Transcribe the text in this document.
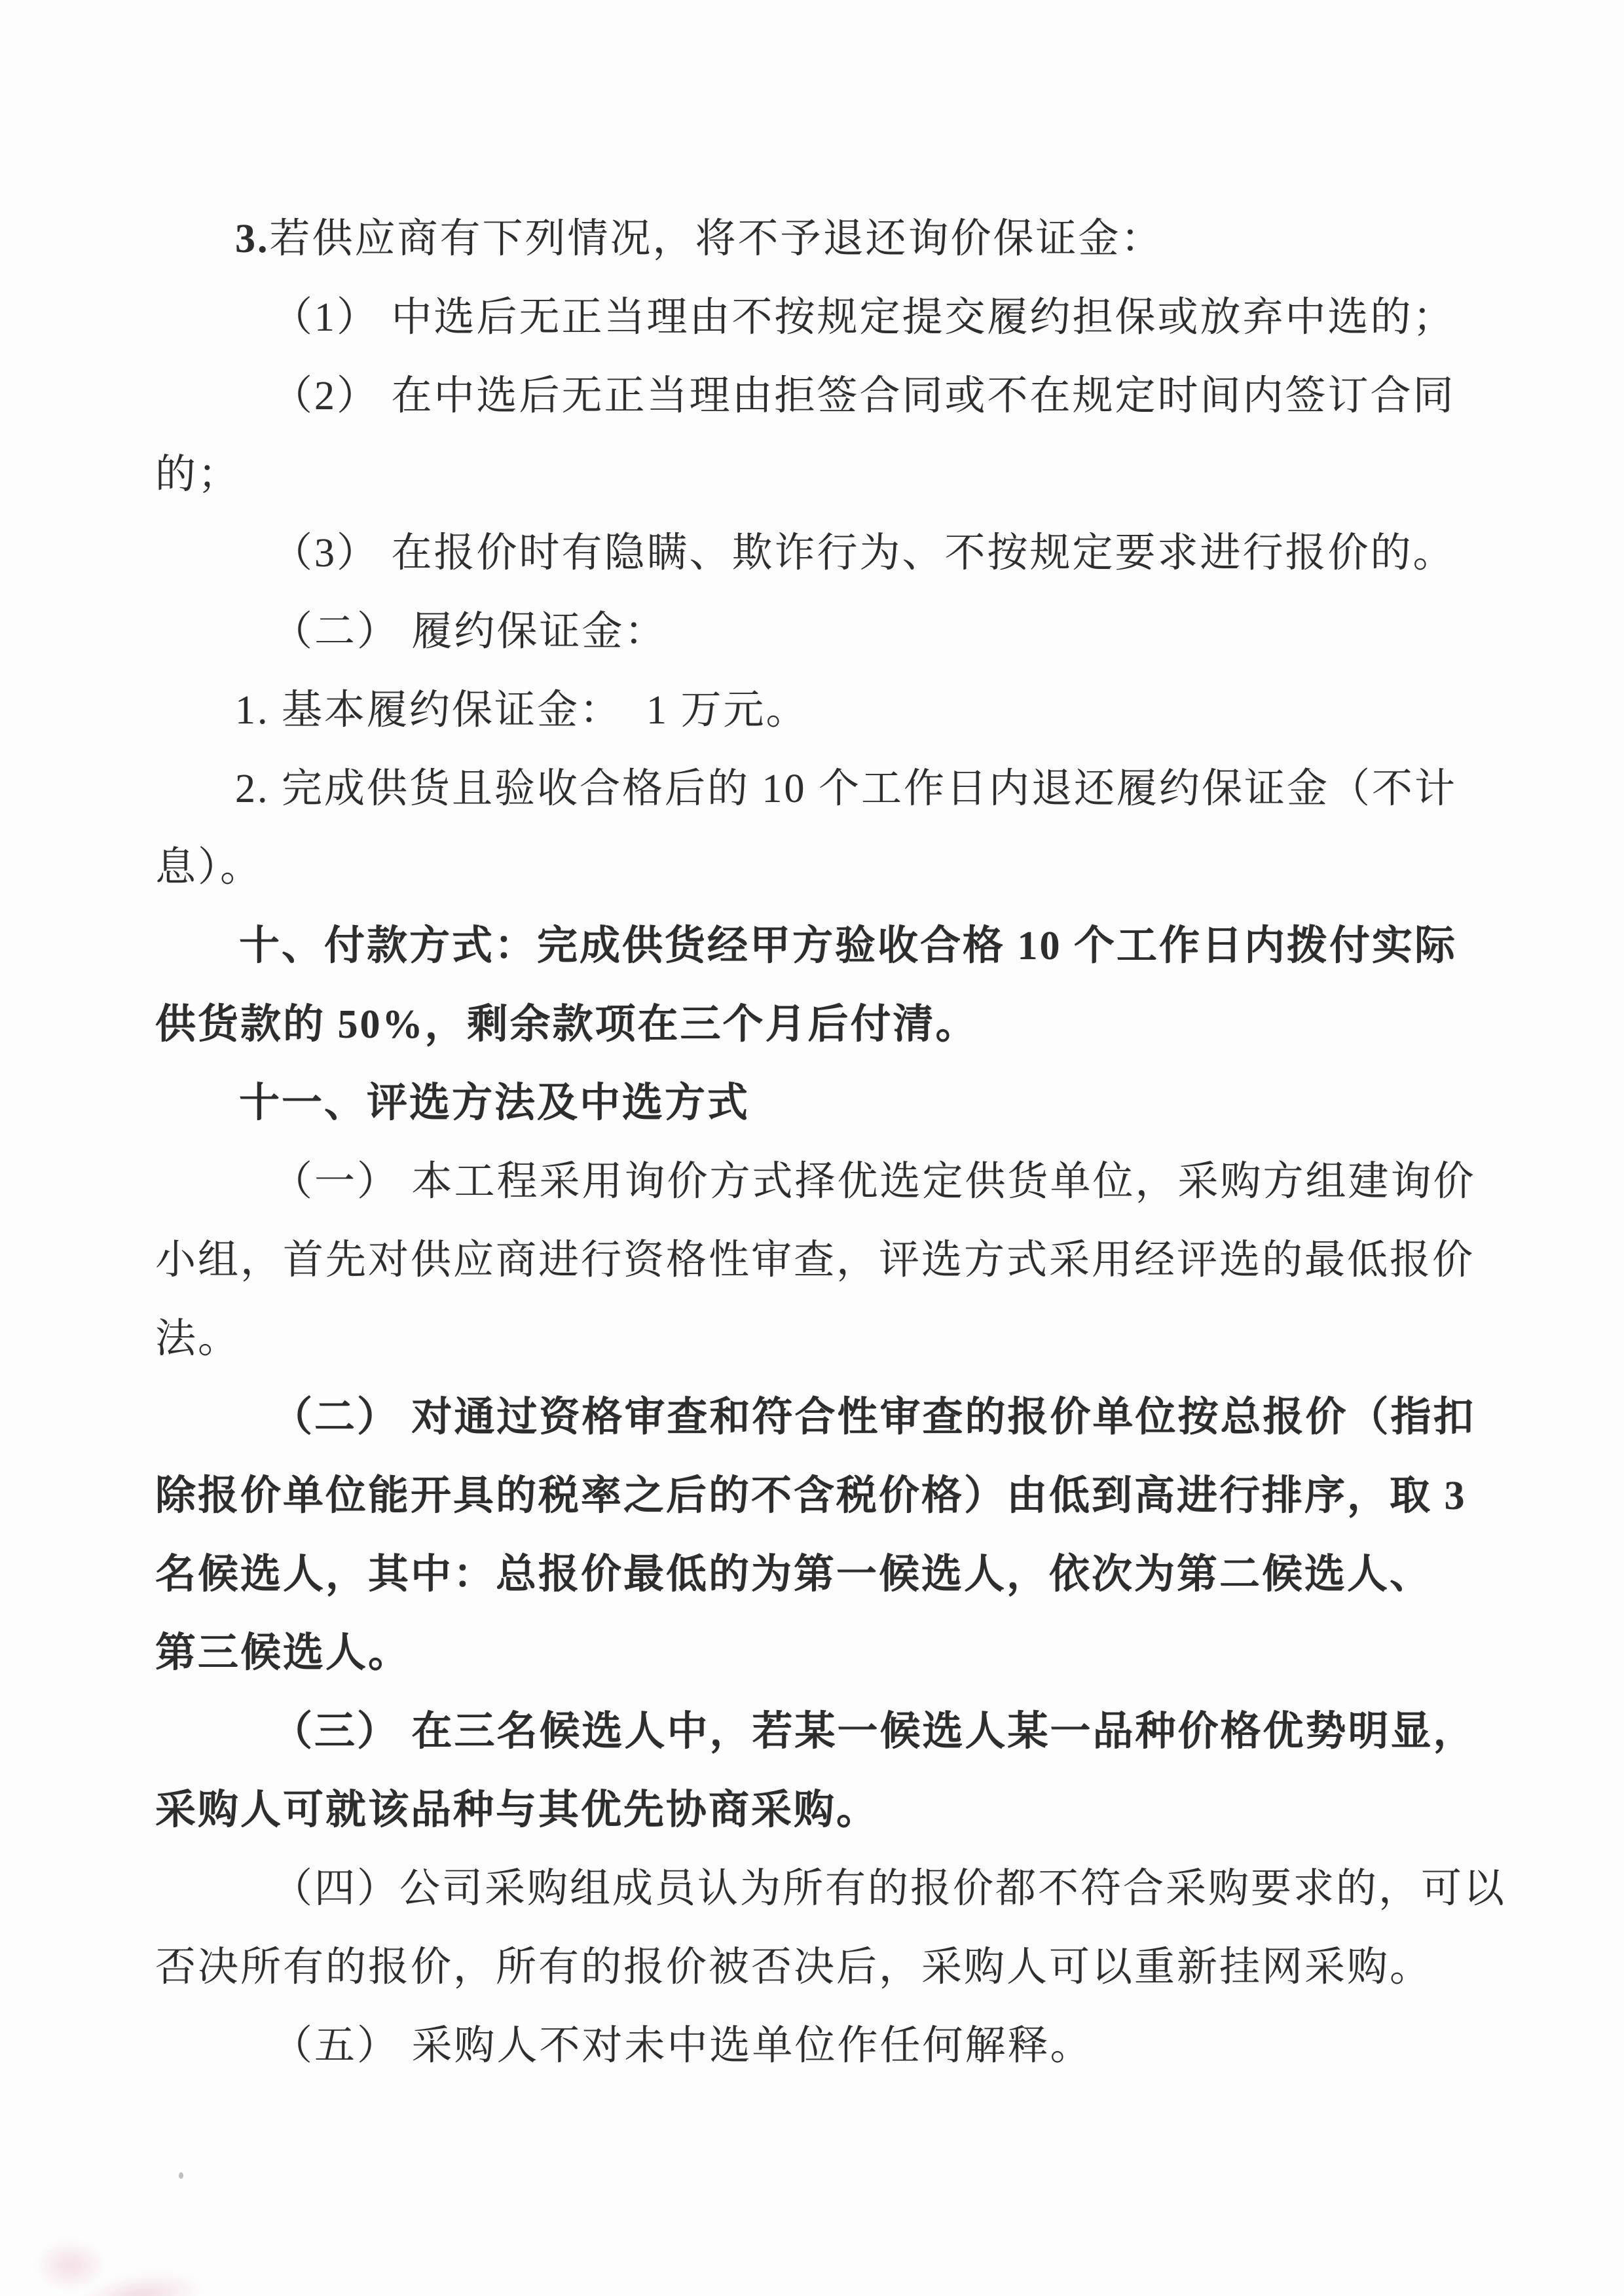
3.若供应商有下列情况，将不予退还询价保证金：
（1） 中选后无正当理由不按规定提交履约担保或放弃中选的；
（2） 在中选后无正当理由拒签合同或不在规定时间内签订合同
的；
（3） 在报价时有隐瞒、欺诈行为、不按规定要求进行报价的。
（二） 履约保证金：
1. 基本履约保证金：  1 万元。
2. 完成供货且验收合格后的 10 个工作日内退还履约保证金（不计
息）。
十、付款方式：完成供货经甲方验收合格 10 个工作日内拨付实际
供货款的 50%，剩余款项在三个月后付清。
十一、评选方法及中选方式
（一） 本工程采用询价方式择优选定供货单位，采购方组建询价
小组，首先对供应商进行资格性审查，评选方式采用经评选的最低报价
法。
（二） 对通过资格审查和符合性审查的报价单位按总报价（指扣
除报价单位能开具的税率之后的不含税价格）由低到高进行排序，取 3
名候选人，其中：总报价最低的为第一候选人，依次为第二候选人、
第三候选人。
（三） 在三名候选人中，若某一候选人某一品种价格优势明显，
采购人可就该品种与其优先协商采购。
（四）公司采购组成员认为所有的报价都不符合采购要求的，可以
否决所有的报价，所有的报价被否决后，采购人可以重新挂网采购。
（五） 采购人不对未中选单位作任何解释。
